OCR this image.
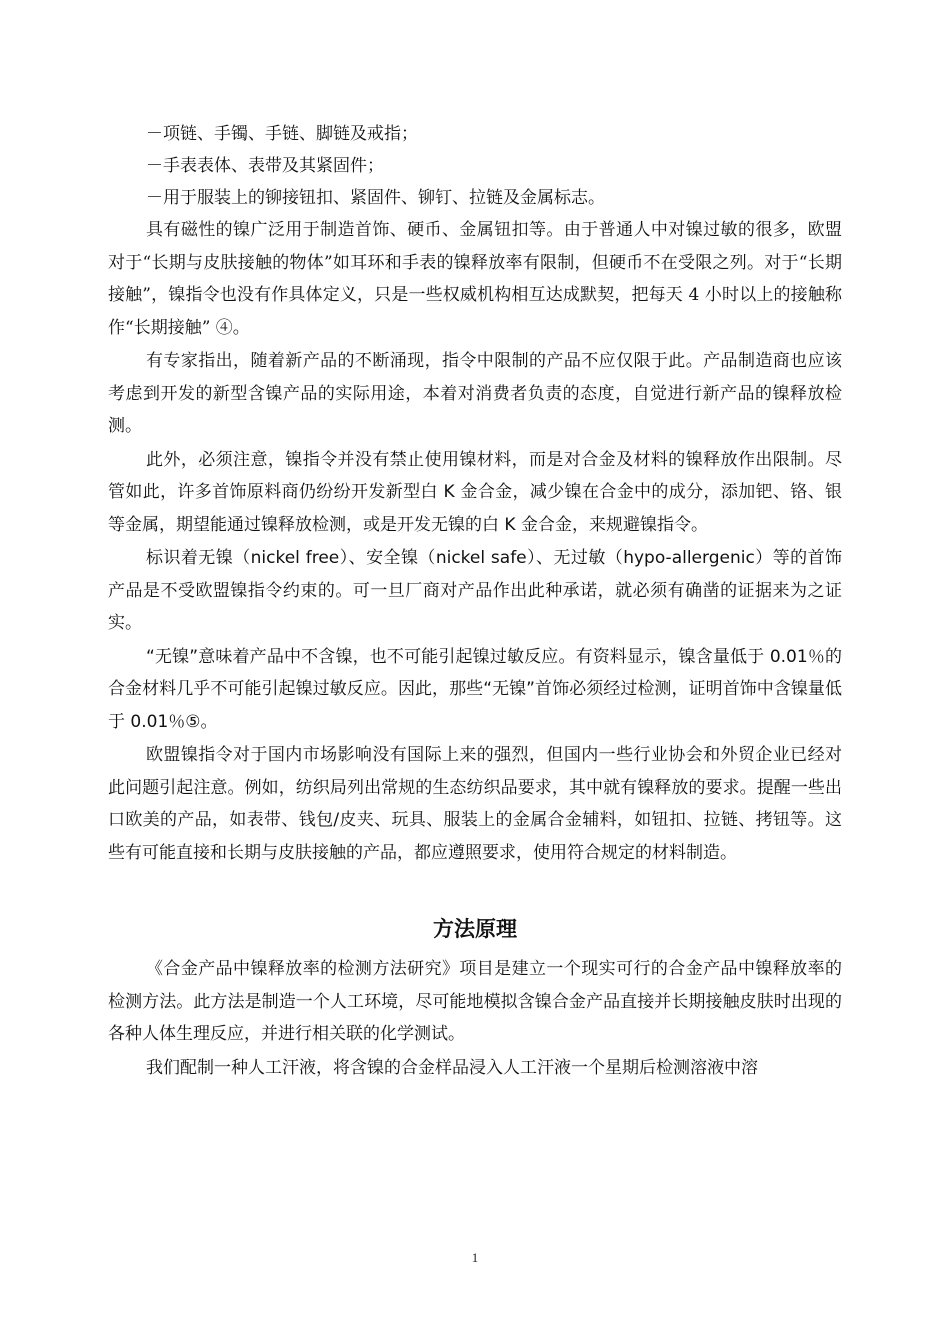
－项链、手镯、手链、脚链及戒指；

－手表表体、表带及其紧固件；

－用于服装上的铆接钮扣、紧固件、铆钉、拉链及金属标志。

具有磁性的镍广泛用于制造首饰、硬币、金属钮扣等。由于普通人中对镍过敏的很多，欧盟对于“长期与皮肤接触的物体”如耳环和手表的镍释放率有限制，但硬币不在受限之列。对于“长期接触”，镍指令也没有作具体定义，只是一些权威机构相互达成默契，把每天 4 小时以上的接触称作“长期接触” ④。

有专家指出，随着新产品的不断涌现，指令中限制的产品不应仅限于此。产品制造商也应该考虑到开发的新型含镍产品的实际用途，本着对消费者负责的态度，自觉进行新产品的镍释放检测。

此外，必须注意，镍指令并没有禁止使用镍材料，而是对合金及材料的镍释放作出限制。尽管如此，许多首饰原料商仍纷纷开发新型白 K 金合金，减少镍在合金中的成分，添加钯、铬、银等金属，期望能通过镍释放检测，或是开发无镍的白 K 金合金，来规避镍指令。

标识着无镍（nickel free）、安全镍（nickel safe）、无过敏（hypo-allergenic）等的首饰产品是不受欧盟镍指令约束的。可一旦厂商对产品作出此种承诺，就必须有确凿的证据来为之证实。

“无镍”意味着产品中不含镍，也不可能引起镍过敏反应。有资料显示，镍含量低于 0.01％的合金材料几乎不可能引起镍过敏反应。因此，那些“无镍”首饰必须经过检测，证明首饰中含镍量低于 0.01％⑤。

欧盟镍指令对于国内市场影响没有国际上来的强烈，但国内一些行业协会和外贸企业已经对此问题引起注意。例如，纺织局列出常规的生态纺织品要求，其中就有镍释放的要求。提醒一些出口欧美的产品，如表带、钱包/皮夹、玩具、服装上的金属合金辅料，如钮扣、拉链、拷钮等。这些有可能直接和长期与皮肤接触的产品，都应遵照要求，使用符合规定的材料制造。

方法原理

《合金产品中镍释放率的检测方法研究》项目是建立一个现实可行的合金产品中镍释放率的检测方法。此方法是制造一个人工环境，尽可能地模拟含镍合金产品直接并长期接触皮肤时出现的各种人体生理反应，并进行相关联的化学测试。

我们配制一种人工汗液，将含镍的合金样品浸入人工汗液一个星期后检测溶液中溶

1
